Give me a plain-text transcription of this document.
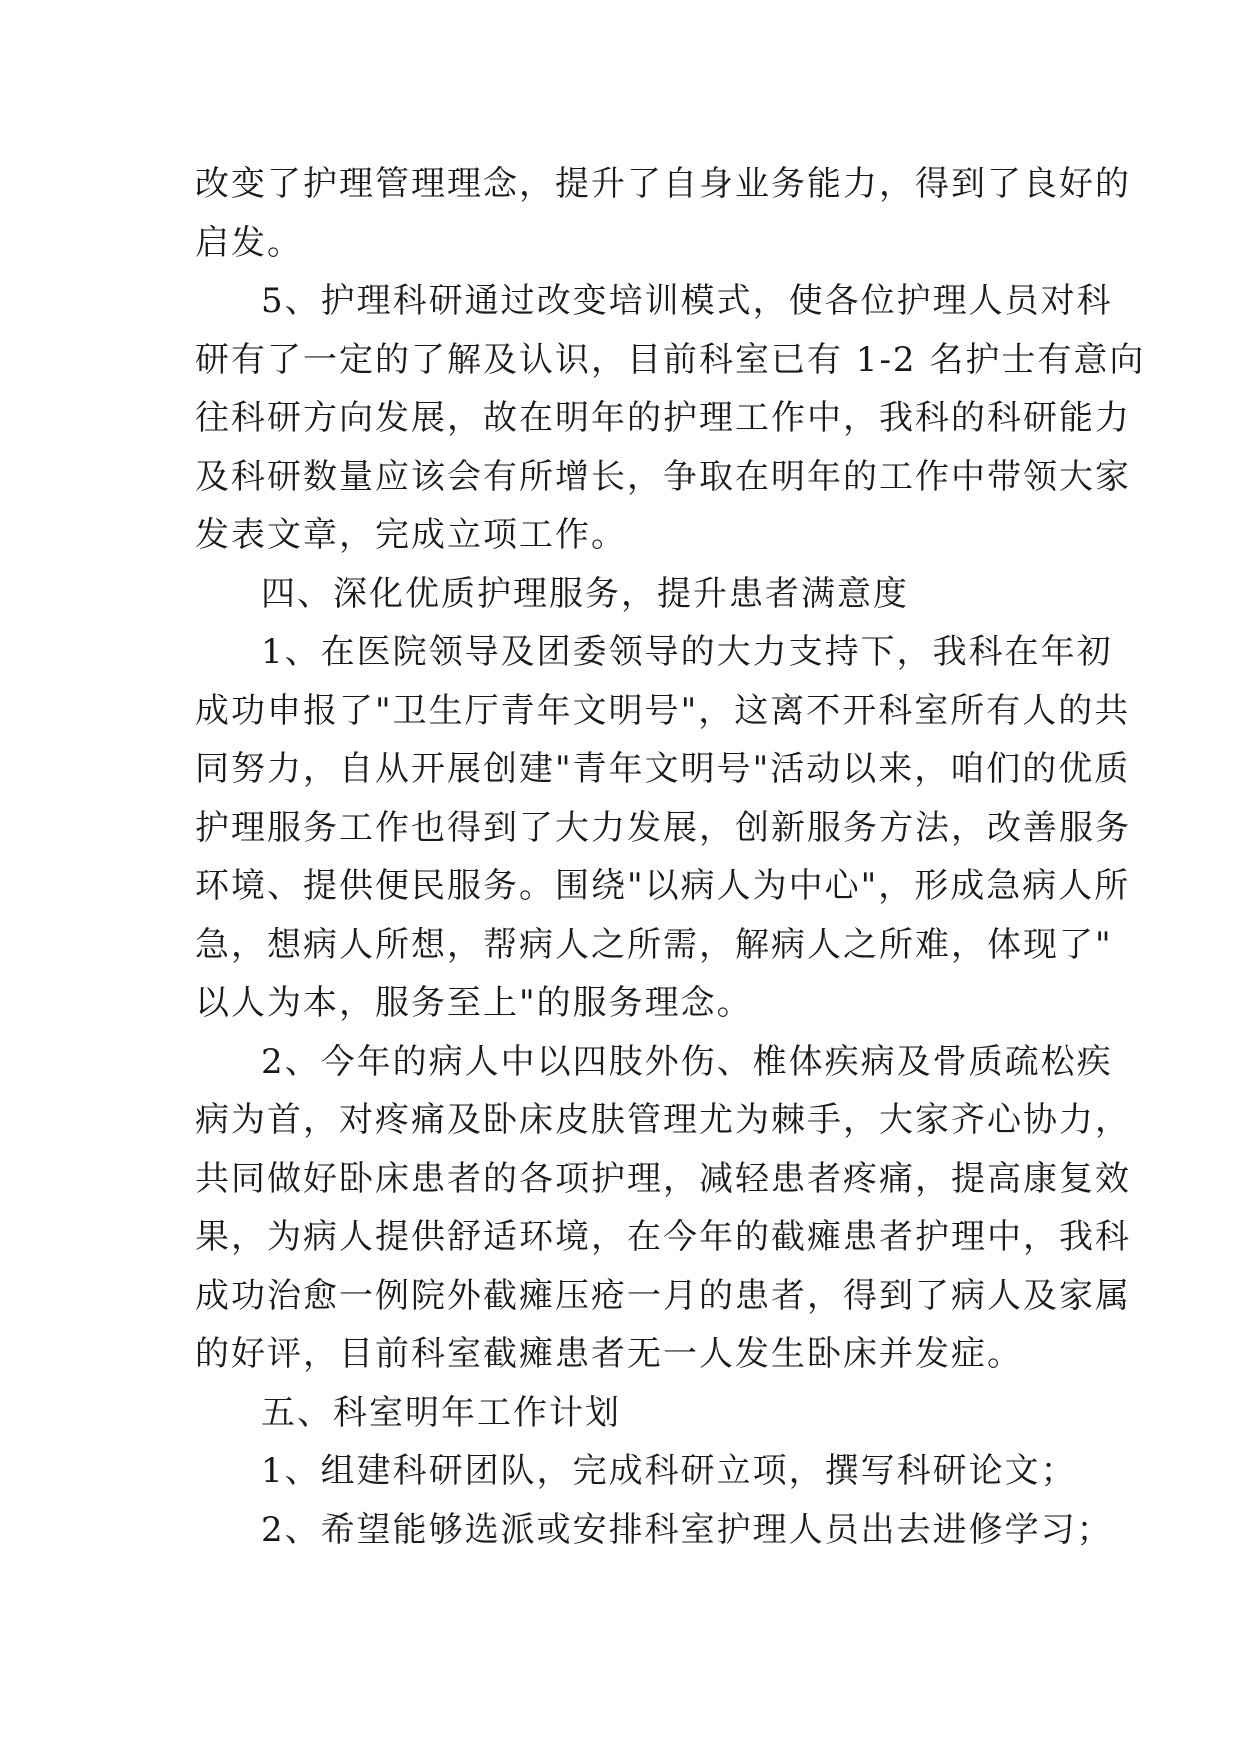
改变了护理管理理念，提升了自身业务能力，得到了良好的
启发。
5、护理科研通过改变培训模式，使各位护理人员对科
研有了一定的了解及认识，目前科室已有 1-2 名护士有意向
往科研方向发展，故在明年的护理工作中，我科的科研能力
及科研数量应该会有所增长，争取在明年的工作中带领大家
发表文章，完成立项工作。
四、深化优质护理服务，提升患者满意度
1、在医院领导及团委领导的大力支持下，我科在年初
成功申报了"卫生厅青年文明号"，这离不开科室所有人的共
同努力，自从开展创建"青年文明号"活动以来，咱们的优质
护理服务工作也得到了大力发展，创新服务方法，改善服务
环境、提供便民服务。围绕"以病人为中心"，形成急病人所
急，想病人所想，帮病人之所需，解病人之所难，体现了"
以人为本，服务至上"的服务理念。
2、今年的病人中以四肢外伤、椎体疾病及骨质疏松疾
病为首，对疼痛及卧床皮肤管理尤为棘手，大家齐心协力，
共同做好卧床患者的各项护理，减轻患者疼痛，提高康复效
果，为病人提供舒适环境，在今年的截瘫患者护理中，我科
成功治愈一例院外截瘫压疮一月的患者，得到了病人及家属
的好评，目前科室截瘫患者无一人发生卧床并发症。
五、科室明年工作计划
1、组建科研团队，完成科研立项，撰写科研论文；
2、希望能够选派或安排科室护理人员出去进修学习；
